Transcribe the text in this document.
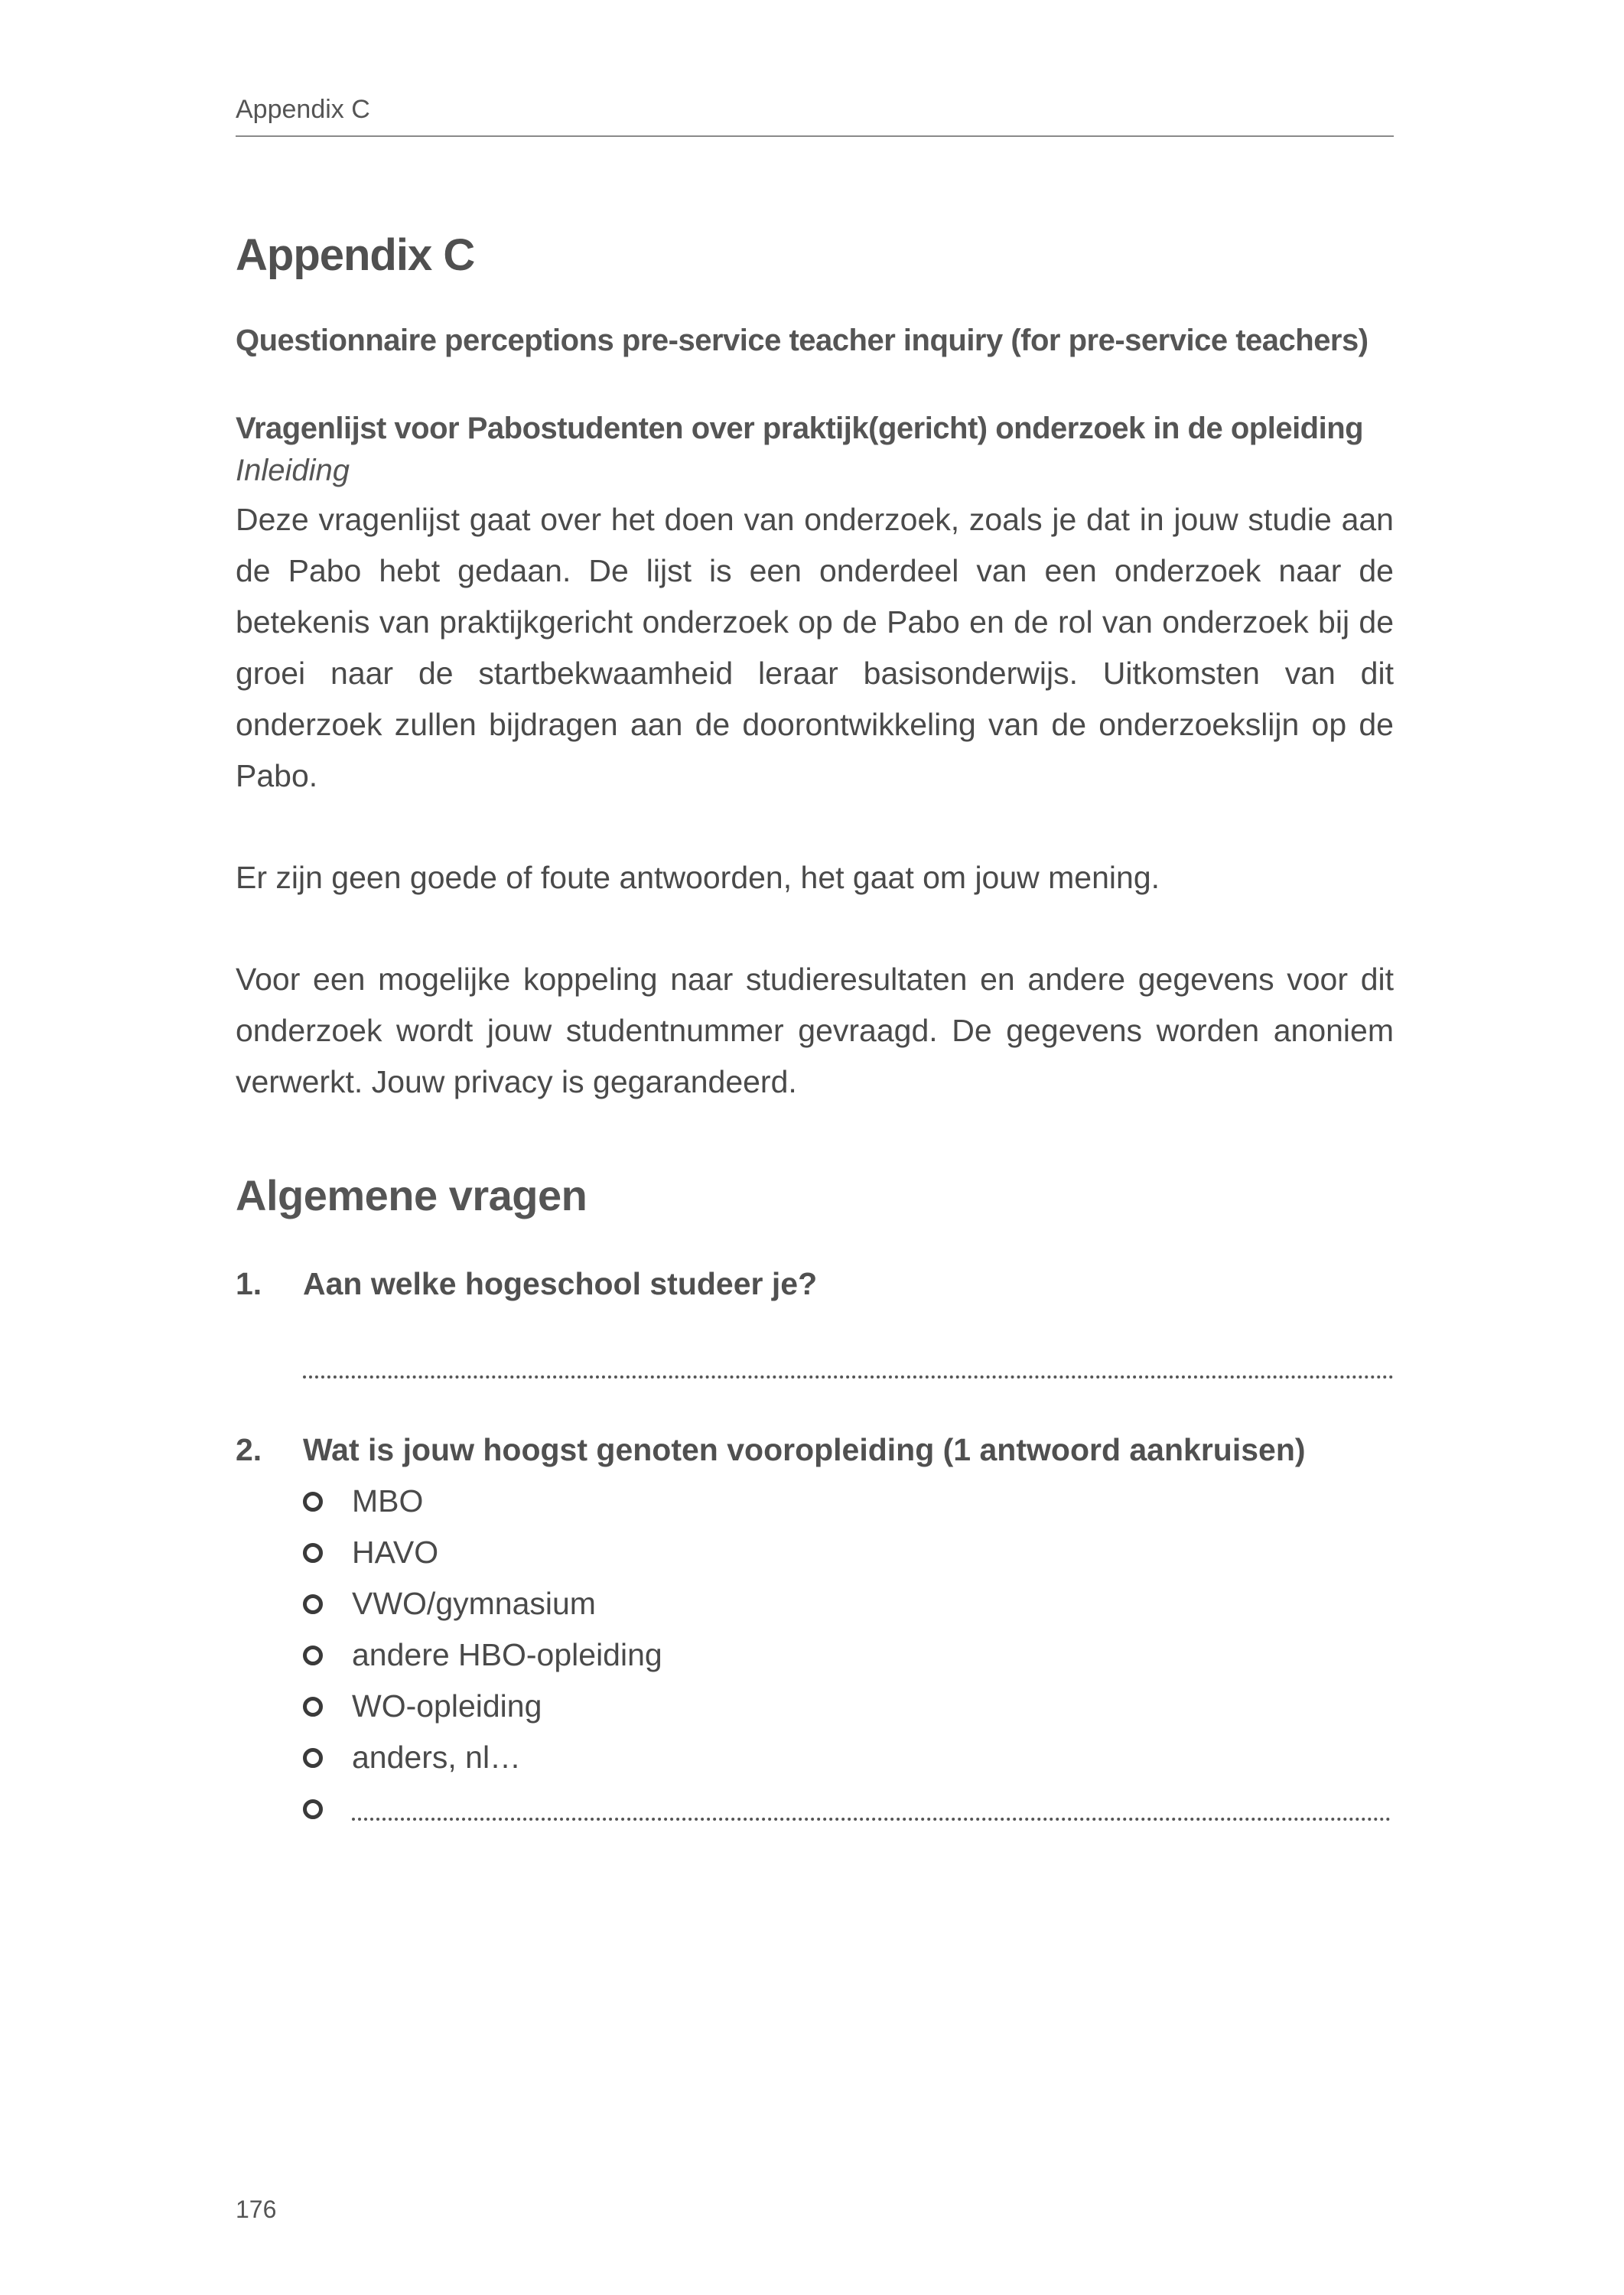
Appendix C
Appendix C
Questionnaire perceptions pre-service teacher inquiry (for pre-service teachers)
Vragenlijst voor Pabostudenten over praktijk(gericht) onderzoek in de opleiding
Inleiding

Deze vragenlijst gaat over het doen van onderzoek, zoals je dat in jouw studie aan de Pabo hebt gedaan. De lijst is een onderdeel van een onderzoek naar de betekenis van praktijkgericht onderzoek op de Pabo en de rol van onderzoek bij de groei naar de startbekwaamheid leraar basisonderwijs. Uitkomsten van dit onderzoek zullen bijdragen aan de doorontwikkeling van de onderzoekslijn op de Pabo.

Er zijn geen goede of foute antwoorden, het gaat om jouw mening.

Voor een mogelijke koppeling naar studieresultaten en andere gegevens voor dit onderzoek wordt jouw studentnummer gevraagd. De gegevens worden anoniem verwerkt. Jouw privacy is gegarandeerd.

Algemene vragen
1.	Aan welke hogeschool studeer je?
2.	Wat is jouw hoogst genoten vooropleiding (1 antwoord aankruisen)
MBO
HAVO
VWO/gymnasium
andere HBO-opleiding
WO-opleiding
anders, nl…
176
